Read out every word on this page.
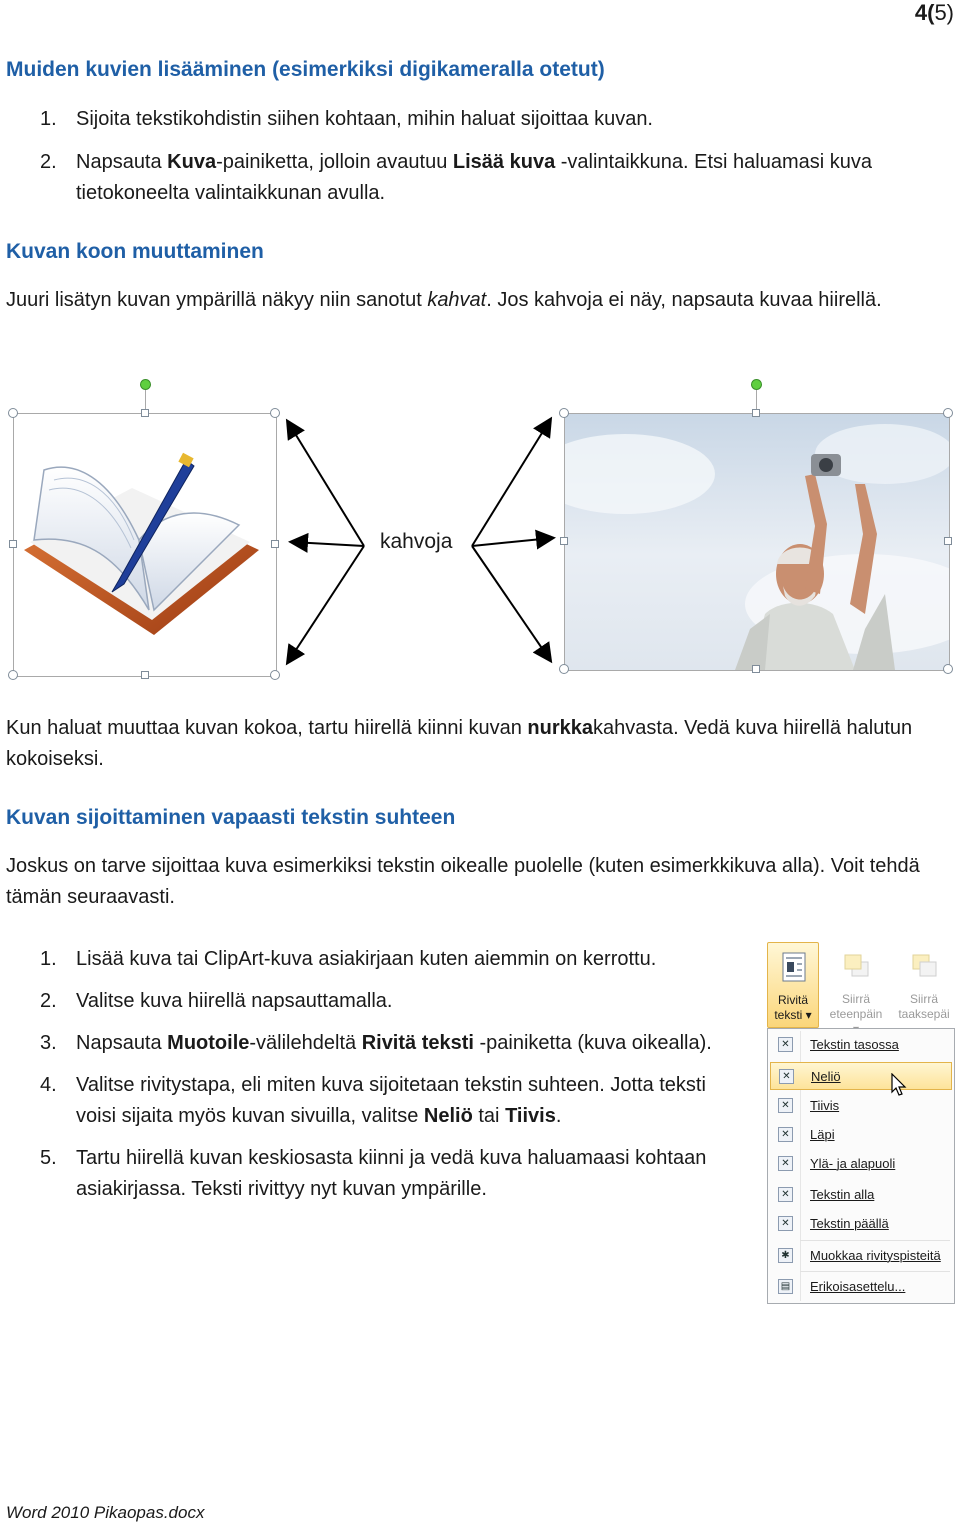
4(5)
Muiden kuvien lisääminen (esimerkiksi digikameralla otetut)
1. Sijoita tekstikohdistin siihen kohtaan, mihin haluat sijoittaa kuvan.
2. Napsauta Kuva-painiketta, jolloin avautuu Lisää kuva -valintaikkuna. Etsi haluamasi kuva tietokoneelta valintaikkunan avulla.
Kuvan koon muuttaminen

Juuri lisätyn kuvan ympärillä näkyy niin sanotut kahvat. Jos kahvoja ei näy, napsauta kuvaa hiirellä.

kahvoja

Kun haluat muuttaa kuvan kokoa, tartu hiirellä kiinni kuvan nurkkakahvasta. Vedä kuva hiirellä halutun kokoiseksi.

Kuvan sijoittaminen vapaasti tekstin suhteen

Joskus on tarve sijoittaa kuva esimerkiksi tekstin oikealle puolelle (kuten esimerkkikuva alla). Voit tehdä tämän seuraavasti.

1. Lisää kuva tai ClipArt-kuva asiakirjaan kuten aiemmin on kerrottu.
2. Valitse kuva hiirellä napsauttamalla.
3. Napsauta Muotoile-välilehdeltä Rivitä teksti -painiketta (kuva oikealla).
4. Valitse rivitystapa, eli miten kuva sijoitetaan tekstin suhteen. Jotta teksti voisi sijaita myös kuvan sivuilla, valitse Neliö tai Tiivis.
5. Tartu hiirellä kuvan keskiosasta kiinni ja vedä kuva haluamaasi kohtaan asiakirjassa. Teksti rivittyy nyt kuvan ympärille.
Rivitä
teksti ▾
Siirrä
eteenpäin
Siirrä
taaksepäi
✕ Tekstin tasossa
✕ Neliö
✕ Tiivis
✕ Läpi
✕ Ylä- ja alapuoli
✕ Tekstin alla
✕ Tekstin päällä
✱ Muokkaa rivityspisteitä
▤ Erikoisasettelu...
Word 2010 Pikaopas.docx
